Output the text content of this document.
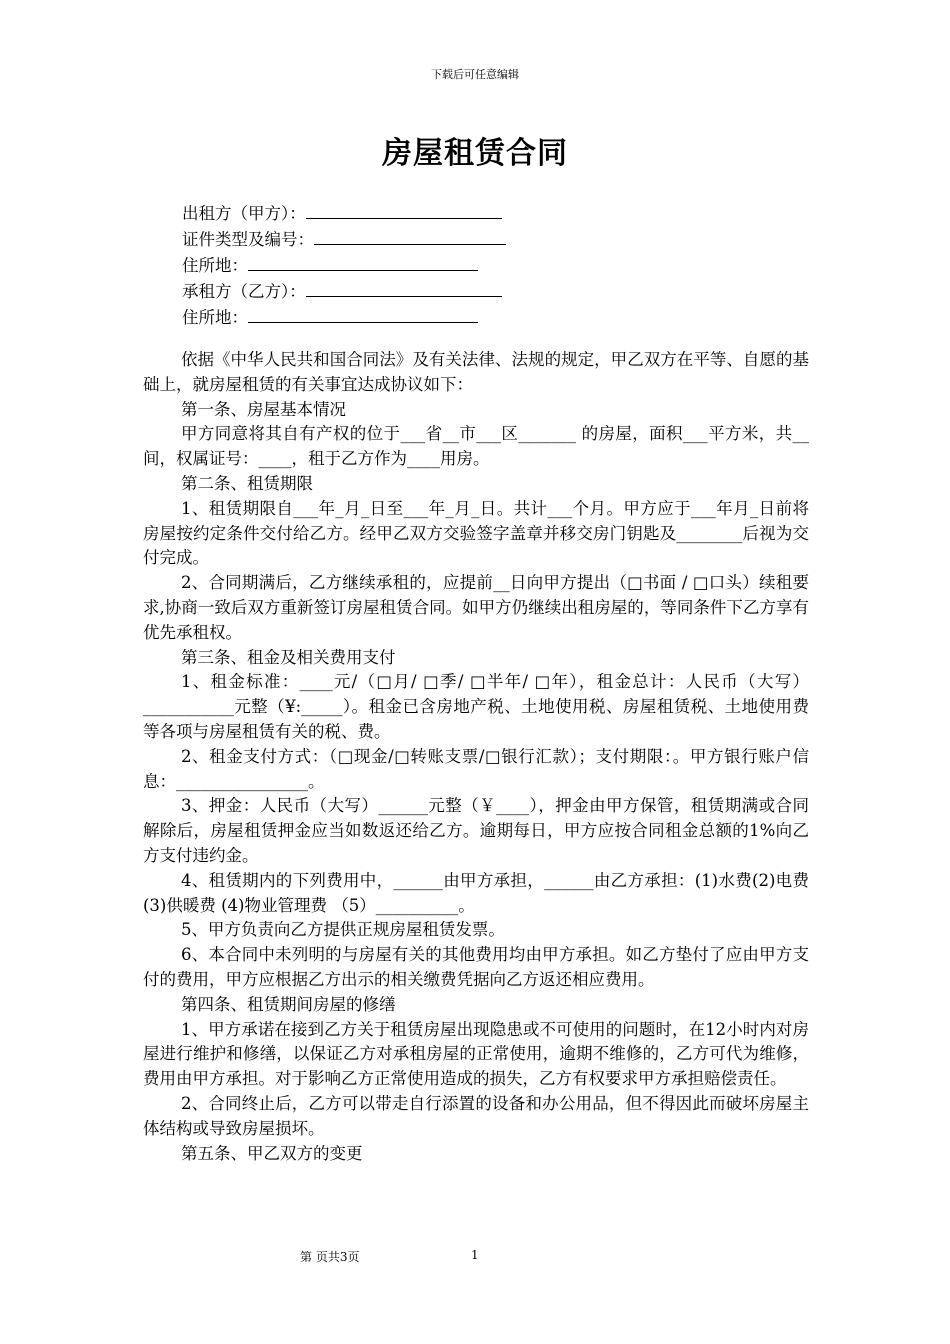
下载后可任意编辑
房屋租赁合同
出租方（甲方）：
证件类型及编号：
住所地：
承租方（乙方）：
住所地：

依据《中华人民共和国合同法》及有关法律、法规的规定，甲乙双方在平等、自愿的基础上，就房屋租赁的有关事宜达成协议如下：

第一条、房屋基本情况

甲方同意将其自有产权的位于___省__市___区_______ 的房屋，面积___平方米，共__间，权属证号：____，租于乙方作为____用房。

第二条、租赁期限

1、租赁期限自___年_月_日至___年_月_日。共计___个月。甲方应于___年月_日前将房屋按约定条件交付给乙方。经甲乙双方交验签字盖章并移交房门钥匙及________后视为交付完成。

2、合同期满后，乙方继续承租的，应提前__日向甲方提出（□书面 / □口头）续租要求,协商一致后双方重新签订房屋租赁合同。如甲方仍继续出租房屋的，等同条件下乙方享有优先承租权。

第三条、租金及相关费用支付

1、租金标准：____元/（□月/ □季/ □半年/ □年），租金总计：人民币（大写）___________元整（¥:_____）。租金已含房地产税、土地使用税、房屋租赁税、土地使用费等各项与房屋租赁有关的税、费。

2、租金支付方式：（□现金/□转账支票/□银行汇款）；支付期限：。甲方银行账户信息：________________。

3、押金：人民币（大写）______元整（￥____），押金由甲方保管，租赁期满或合同解除后，房屋租赁押金应当如数返还给乙方。逾期每日，甲方应按合同租金总额的1%向乙方支付违约金。

4、租赁期内的下列费用中，______由甲方承担，______由乙方承担：(1)水费(2)电费(3)供暖费 (4)物业管理费 （5）__________。

5、甲方负责向乙方提供正规房屋租赁发票。

6、本合同中未列明的与房屋有关的其他费用均由甲方承担。如乙方垫付了应由甲方支付的费用，甲方应根据乙方出示的相关缴费凭据向乙方返还相应费用。

第四条、租赁期间房屋的修缮

1、甲方承诺在接到乙方关于租赁房屋出现隐患或不可使用的问题时，在12小时内对房屋进行维护和修缮，以保证乙方对承租房屋的正常使用，逾期不维修的，乙方可代为维修，费用由甲方承担。对于影响乙方正常使用造成的损失，乙方有权要求甲方承担赔偿责任。

2、合同终止后，乙方可以带走自行添置的设备和办公用品，但不得因此而破坏房屋主体结构或导致房屋损坏。

第五条、甲乙双方的变更

第 页共3页	1
